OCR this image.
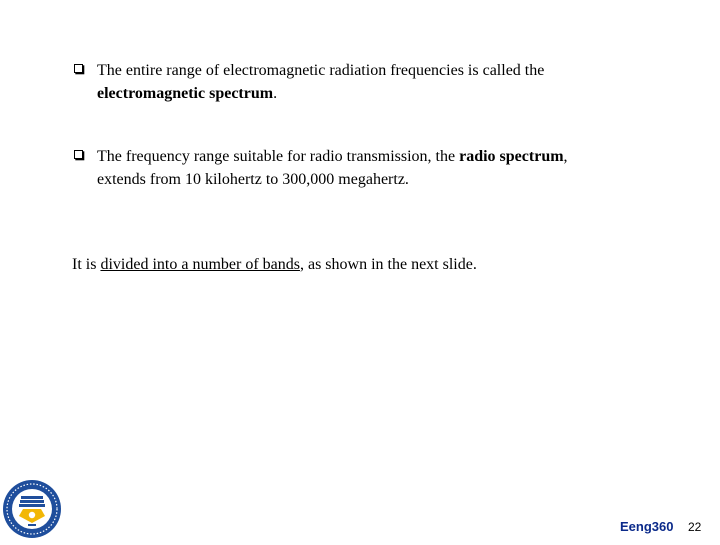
The entire range of electromagnetic radiation frequencies is called the
electromagnetic spectrum.
The frequency range suitable for radio transmission, the radio spectrum,
extends from 10 kilohertz to 300,000 megahertz.
It is divided into a number of bands, as shown in the next slide.
Eeng360 22
